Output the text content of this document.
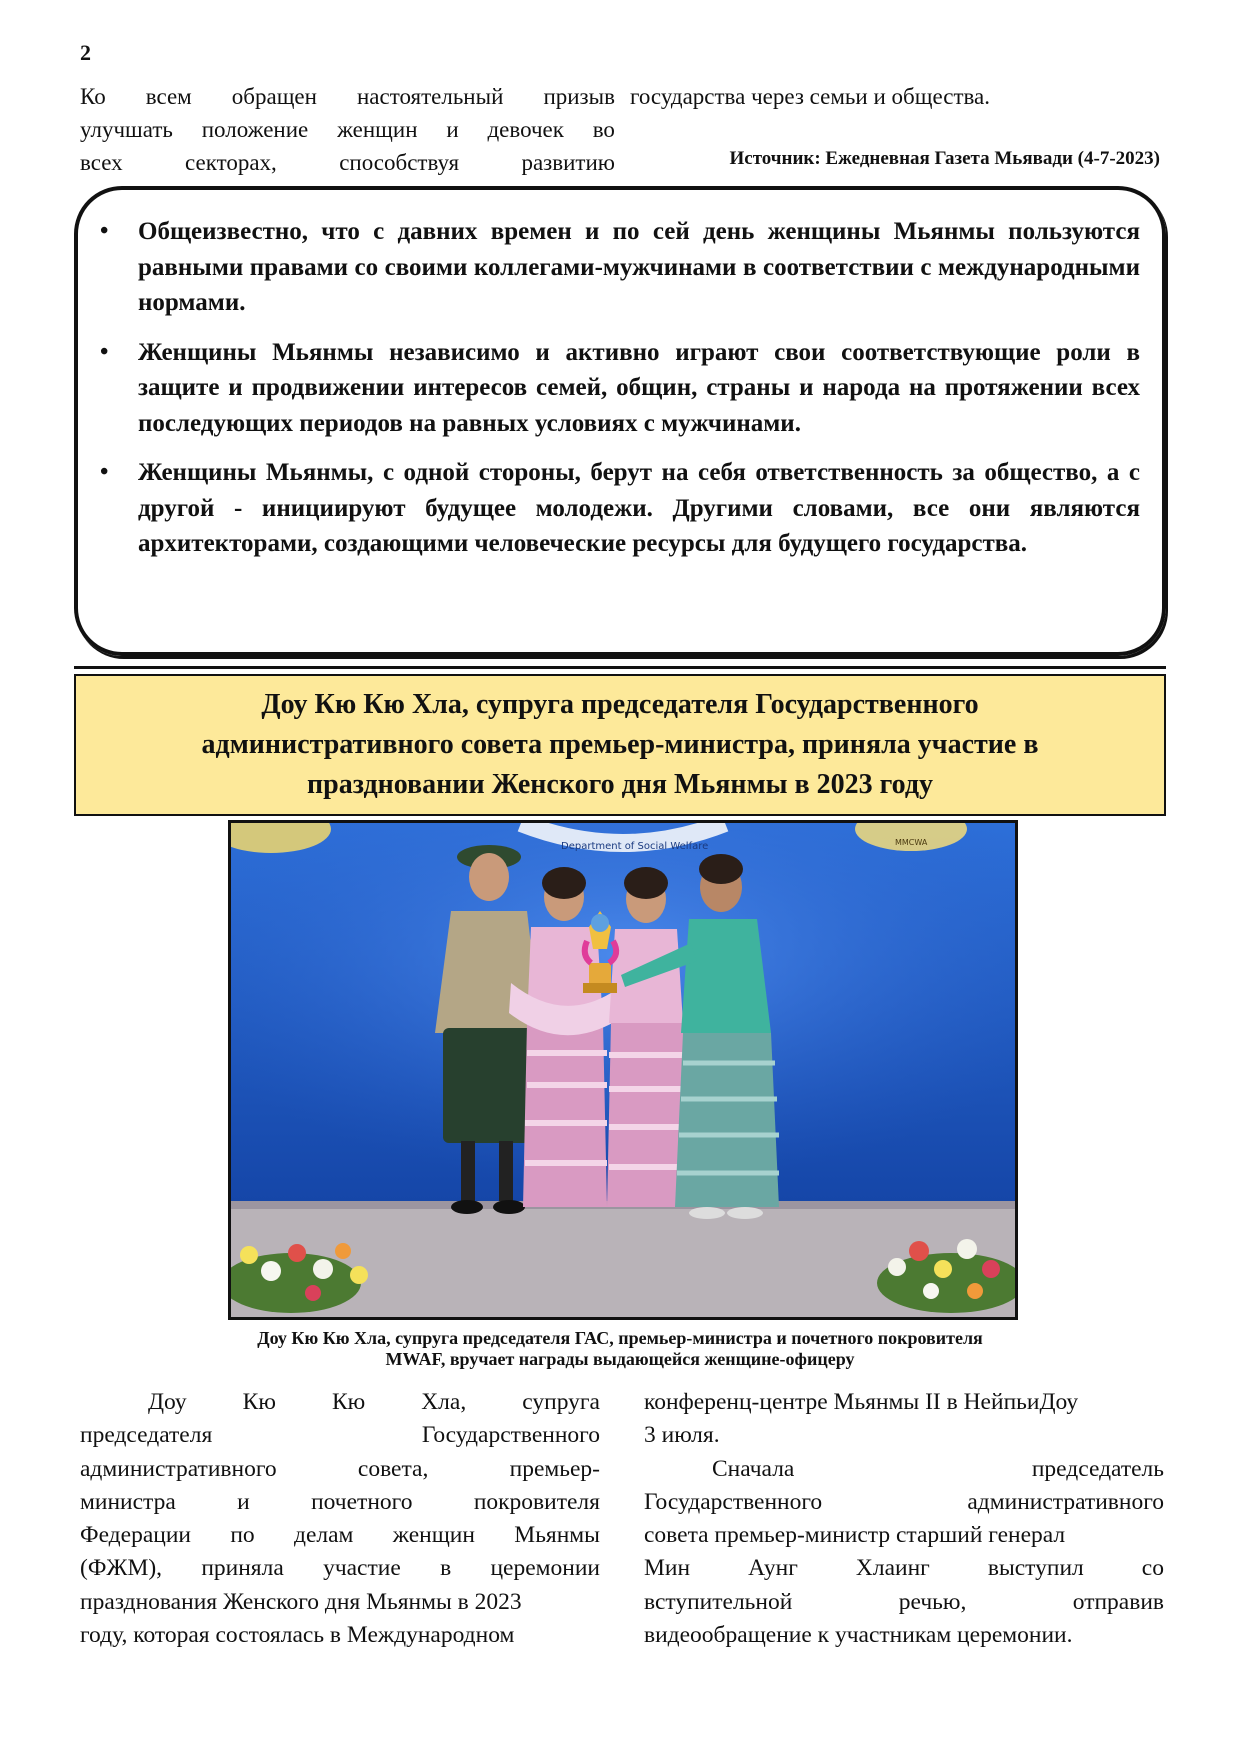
2
Ко всем обращен настоятельный призыв
улучшать положение женщин и девочек во
всех	секторах,	способствуя	развитию
государства через семьи и общества.
Источник: Ежедневная Газета Мьявади (4-7-2023)
• Общеизвестно, что с давних времен и по сей день женщины Мьянмы пользуются равными правами со своими коллегами-мужчинами в соответствии с международными нормами.
• Женщины Мьянмы независимо и активно играют свои соответствующие роли в защите и продвижении интересов семей, общин, страны и народа на протяжении всех последующих периодов на равных условиях с мужчинами.
• Женщины Мьянмы, с одной стороны, берут на себя ответственность за общество, а с другой - инициируют будущее молодежи. Другими словами, все они являются архитекторами, создающими человеческие ресурсы для будущего государства.
Доу Кю Кю Хла, супруга председателя Государственного административного совета премьер-министра, приняла участие в праздновании Женского дня Мьянмы в 2023 году
Department of Social Welfare	MMCWA
Доу Кю Кю Хла, супруга председателя ГАС, премьер-министра и почетного покровителя
MWAF, вручает награды выдающейся женщине-офицеру
Доу Кю Кю Хла, супруга
председателя	Государственного
административного	совета,	премьер-
министра	и	почетного	покровителя
Федерации по делам женщин Мьянмы
(ФЖМ), приняла участие в церемонии
празднования Женского дня Мьянмы в 2023
году, которая состоялась в Международном
конференц-центре Мьянмы II в НейпьиДоу
3 июля.
Сначала	председатель
Государственного	административного
совета премьер-министр старший генерал
Мин Аунг Хлаинг выступил со
вступительной	речью,	отправив
видеообращение к участникам церемонии.
